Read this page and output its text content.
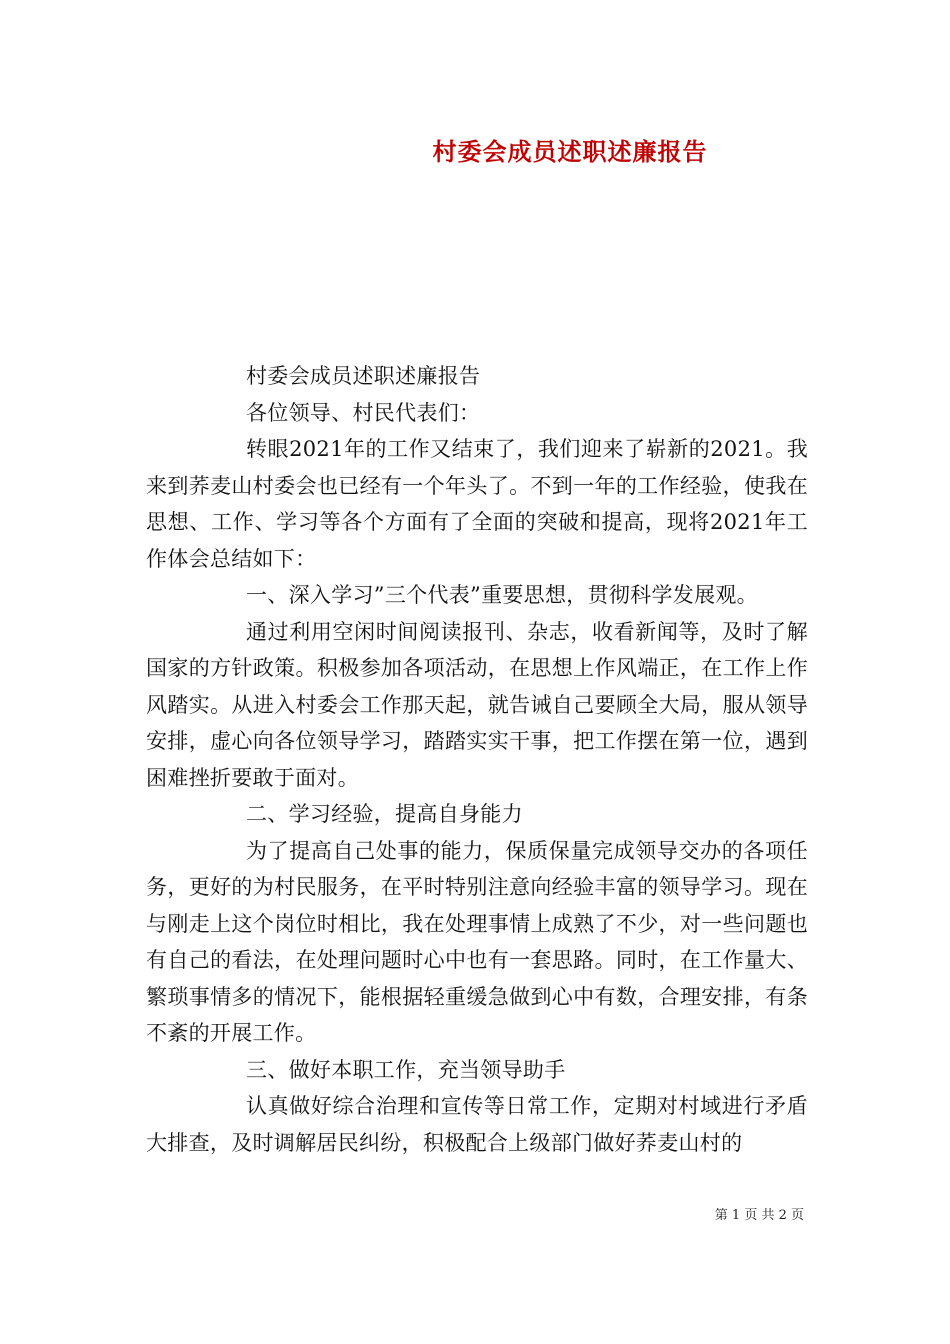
村委会成员述职述廉报告

村委会成员述职述廉报告

各位领导、村民代表们：

转眼2021年的工作又结束了，我们迎来了崭新的2021。我来到荞麦山村委会也已经有一个年头了。不到一年的工作经验，使我在思想、工作、学习等各个方面有了全面的突破和提高，现将2021年工作体会总结如下：

一、深入学习”三个代表”重要思想，贯彻科学发展观。

通过利用空闲时间阅读报刊、杂志，收看新闻等，及时了解国家的方针政策。积极参加各项活动，在思想上作风端正，在工作上作风踏实。从进入村委会工作那天起，就告诫自己要顾全大局，服从领导安排，虚心向各位领导学习，踏踏实实干事，把工作摆在第一位，遇到困难挫折要敢于面对。

二、学习经验，提高自身能力

为了提高自己处事的能力，保质保量完成领导交办的各项任务，更好的为村民服务，在平时特别注意向经验丰富的领导学习。现在与刚走上这个岗位时相比，我在处理事情上成熟了不少，对一些问题也有自己的看法，在处理问题时心中也有一套思路。同时，在工作量大、繁琐事情多的情况下，能根据轻重缓急做到心中有数，合理安排，有条不紊的开展工作。

三、做好本职工作，充当领导助手

认真做好综合治理和宣传等日常工作，定期对村域进行矛盾大排查，及时调解居民纠纷，积极配合上级部门做好荞麦山村的

第 1 页 共 2 页
